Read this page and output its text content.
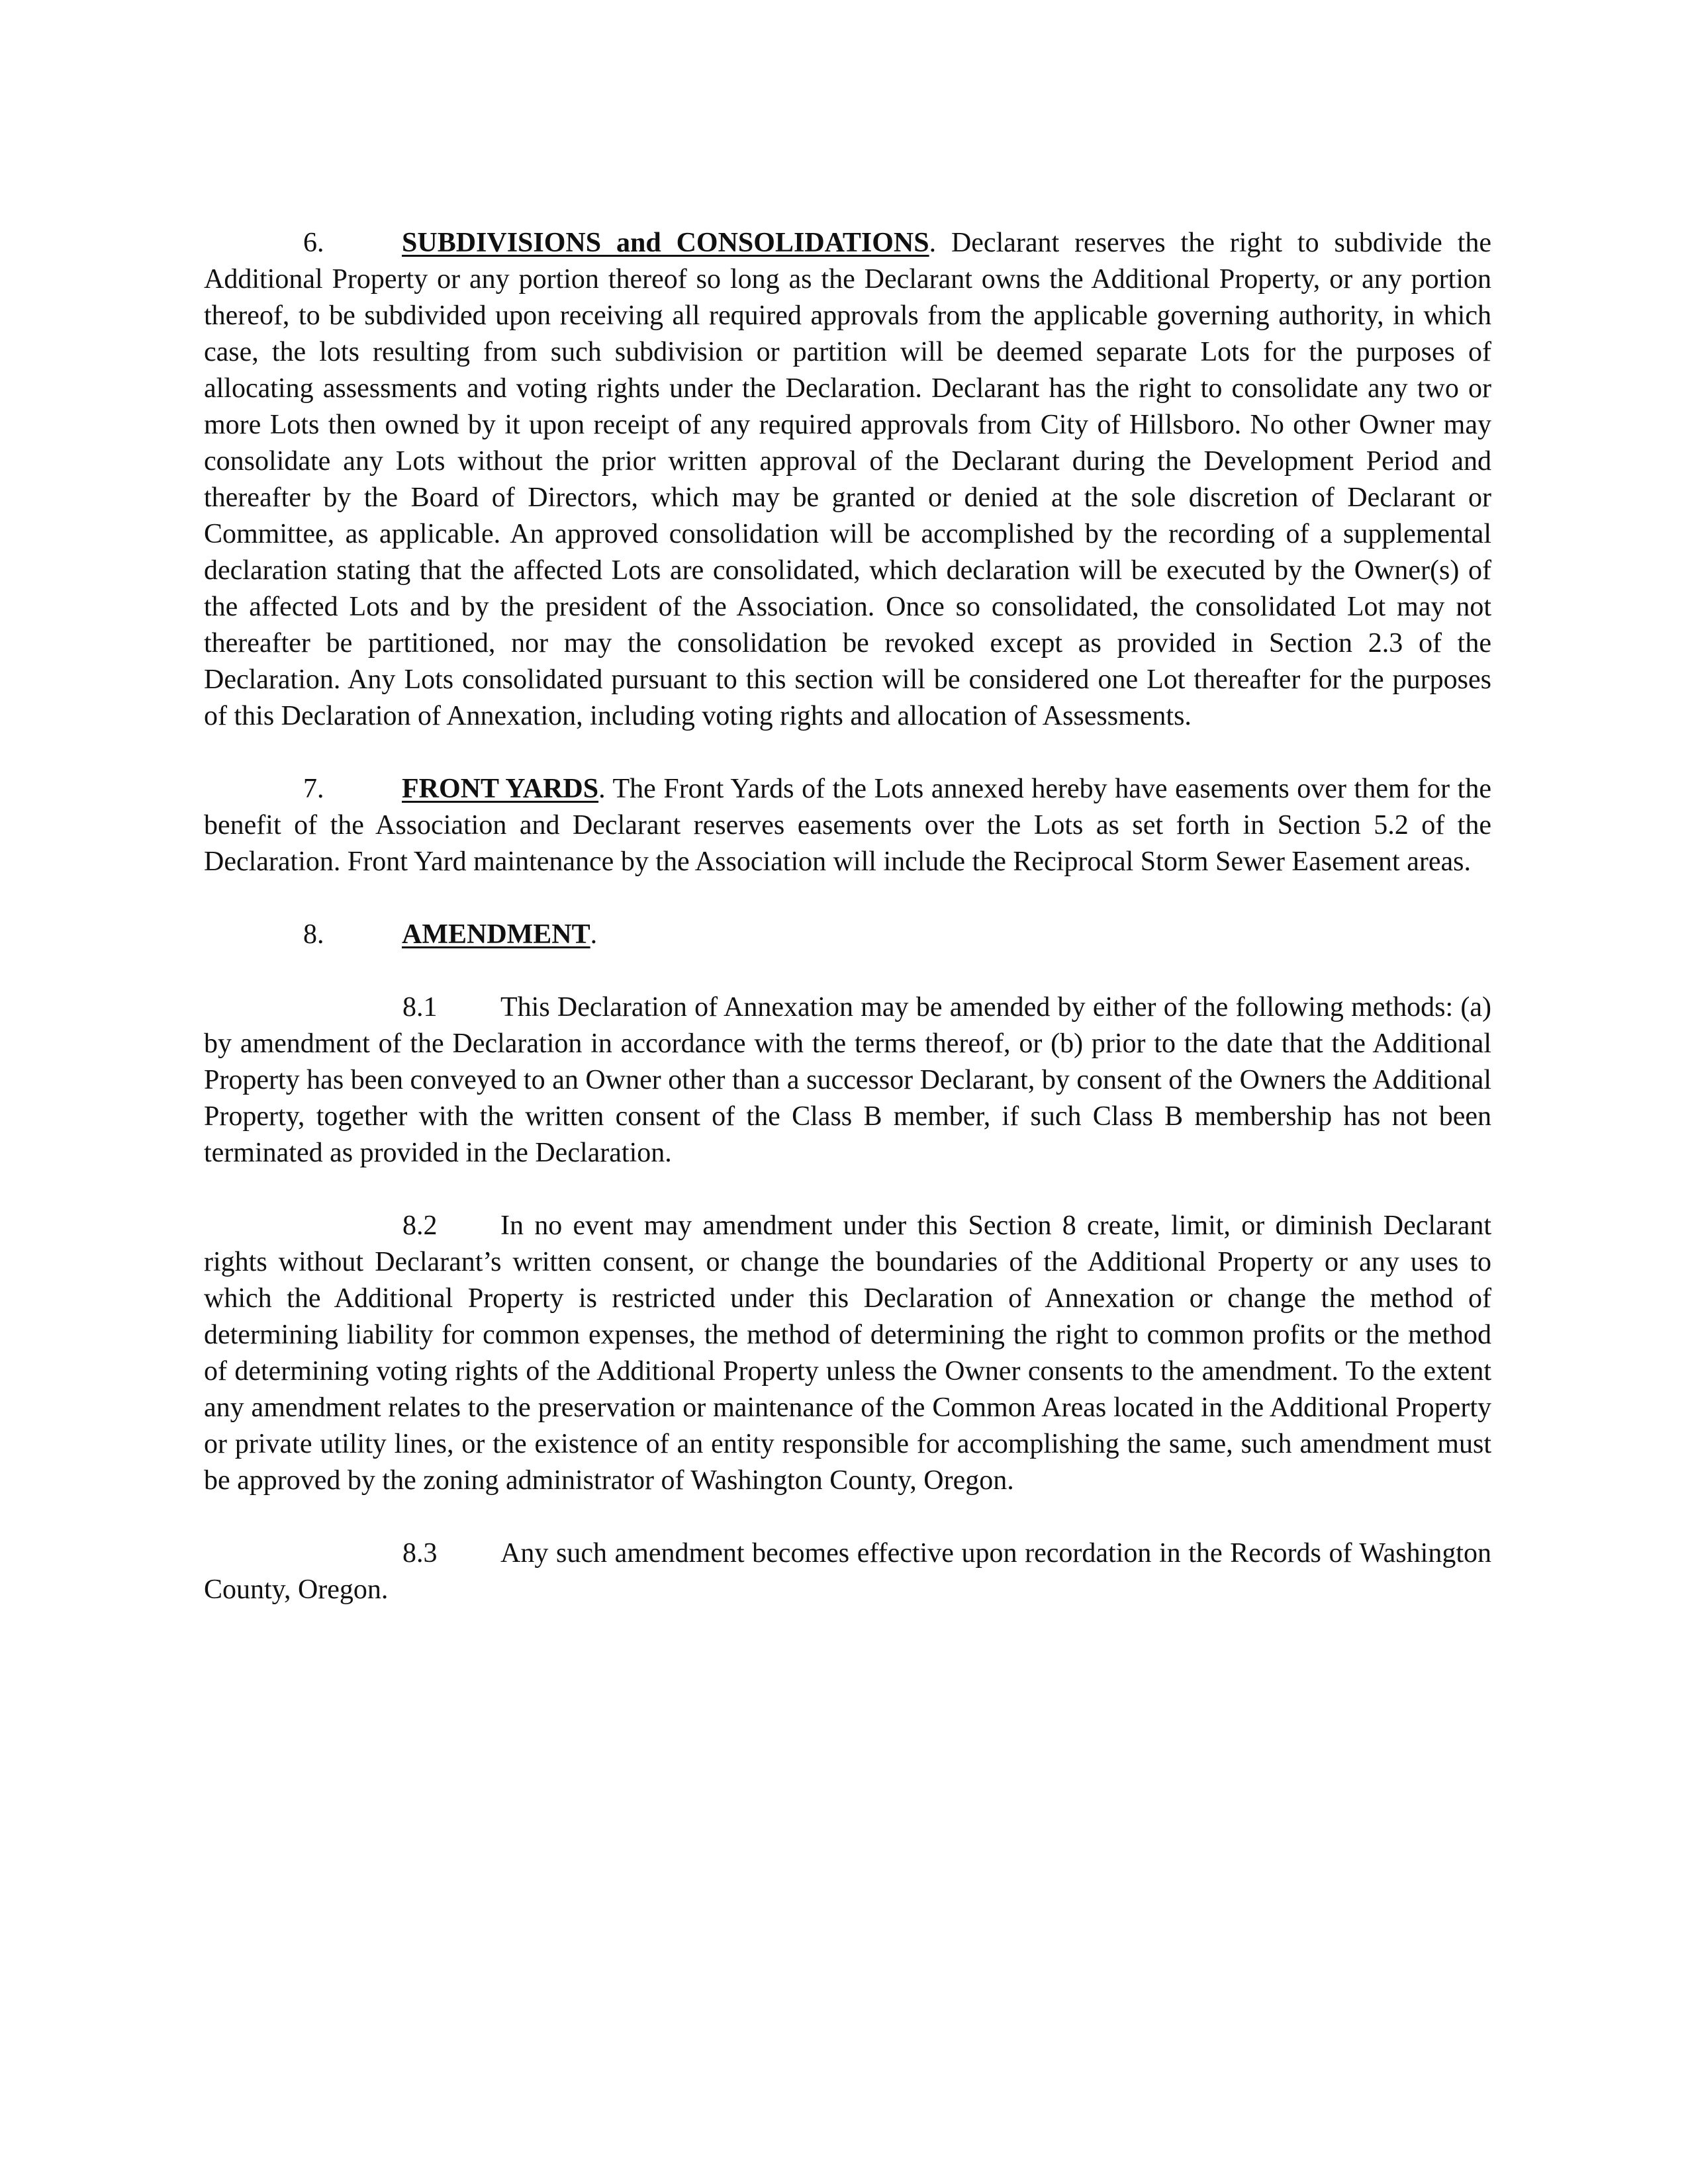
6.	SUBDIVISIONS and CONSOLIDATIONS. Declarant reserves the right to subdivide the Additional Property or any portion thereof so long as the Declarant owns the Additional Property, or any portion thereof, to be subdivided upon receiving all required approvals from the applicable governing authority, in which case, the lots resulting from such subdivision or partition will be deemed separate Lots for the purposes of allocating assessments and voting rights under the Declaration. Declarant has the right to consolidate any two or more Lots then owned by it upon receipt of any required approvals from City of Hillsboro. No other Owner may consolidate any Lots without the prior written approval of the Declarant during the Development Period and thereafter by the Board of Directors, which may be granted or denied at the sole discretion of Declarant or Committee, as applicable. An approved consolidation will be accomplished by the recording of a supplemental declaration stating that the affected Lots are consolidated, which declaration will be executed by the Owner(s) of the affected Lots and by the president of the Association. Once so consolidated, the consolidated Lot may not thereafter be partitioned, nor may the consolidation be revoked except as provided in Section 2.3 of the Declaration. Any Lots consolidated pursuant to this section will be considered one Lot thereafter for the purposes of this Declaration of Annexation, including voting rights and allocation of Assessments.

7.	FRONT YARDS. The Front Yards of the Lots annexed hereby have easements over them for the benefit of the Association and Declarant reserves easements over the Lots as set forth in Section 5.2 of the Declaration. Front Yard maintenance by the Association will include the Reciprocal Storm Sewer Easement areas.

8.	AMENDMENT.

8.1 This Declaration of Annexation may be amended by either of the following methods: (a) by amendment of the Declaration in accordance with the terms thereof, or (b) prior to the date that the Additional Property has been conveyed to an Owner other than a successor Declarant, by consent of the Owners the Additional Property, together with the written consent of the Class B member, if such Class B membership has not been terminated as provided in the Declaration.

8.2 In no event may amendment under this Section 8 create, limit, or diminish Declarant rights without Declarant’s written consent, or change the boundaries of the Additional Property or any uses to which the Additional Property is restricted under this Declaration of Annexation or change the method of determining liability for common expenses, the method of determining the right to common profits or the method of determining voting rights of the Additional Property unless the Owner consents to the amendment. To the extent any amendment relates to the preservation or maintenance of the Common Areas located in the Additional Property or private utility lines, or the existence of an entity responsible for accomplishing the same, such amendment must be approved by the zoning administrator of Washington County, Oregon.

8.3 Any such amendment becomes effective upon recordation in the Records of Washington County, Oregon.
